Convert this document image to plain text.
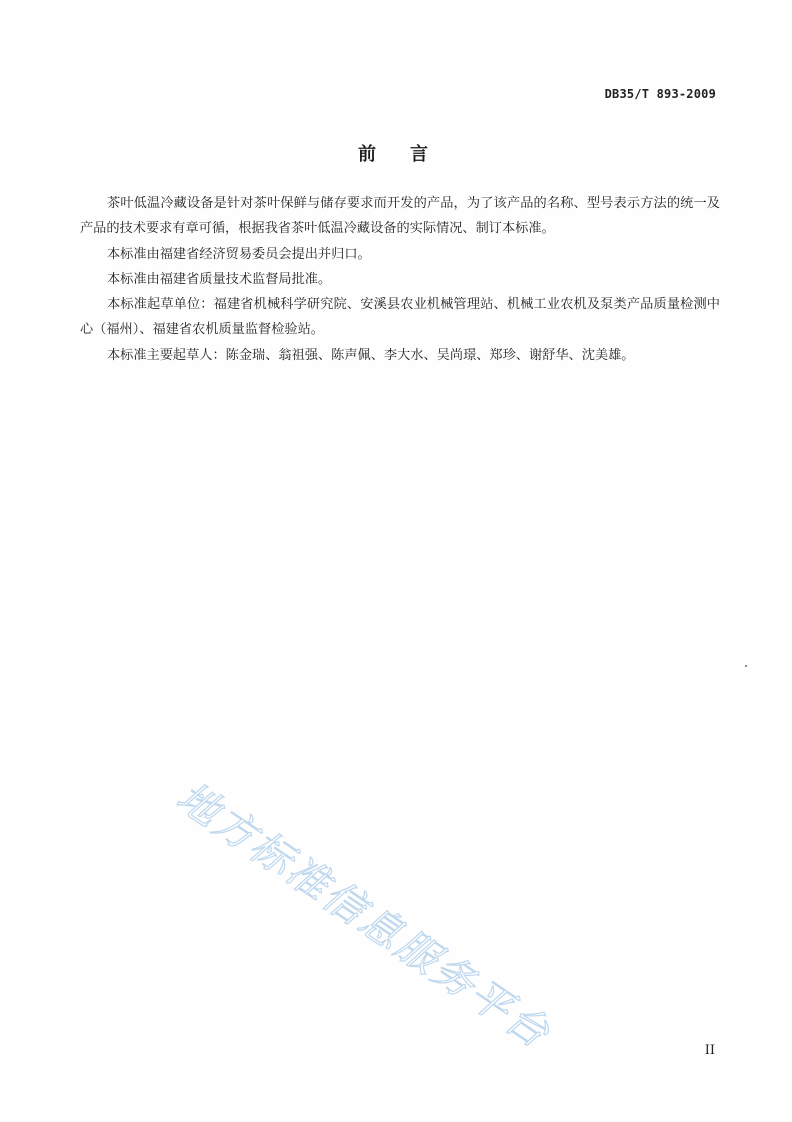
DB35/T 893-2009
前言

茶叶低温冷藏设备是针对茶叶保鲜与储存要求而开发的产品，为了该产品的名称、型号表示方法的统一及产品的技术要求有章可循，根据我省茶叶低温冷藏设备的实际情况、制订本标准。

本标准由福建省经济贸易委员会提出并归口。

本标准由福建省质量技术监督局批准。

本标准起草单位：福建省机械科学研究院、安溪县农业机械管理站、机械工业农机及泵类产品质量检测中心（福州）、福建省农机质量监督检验站。

本标准主要起草人：陈金瑞、翁祖强、陈声佩、李大水、吴尚璟、郑珍、谢舒华、沈美雄。

地方标准信息服务平台	II
